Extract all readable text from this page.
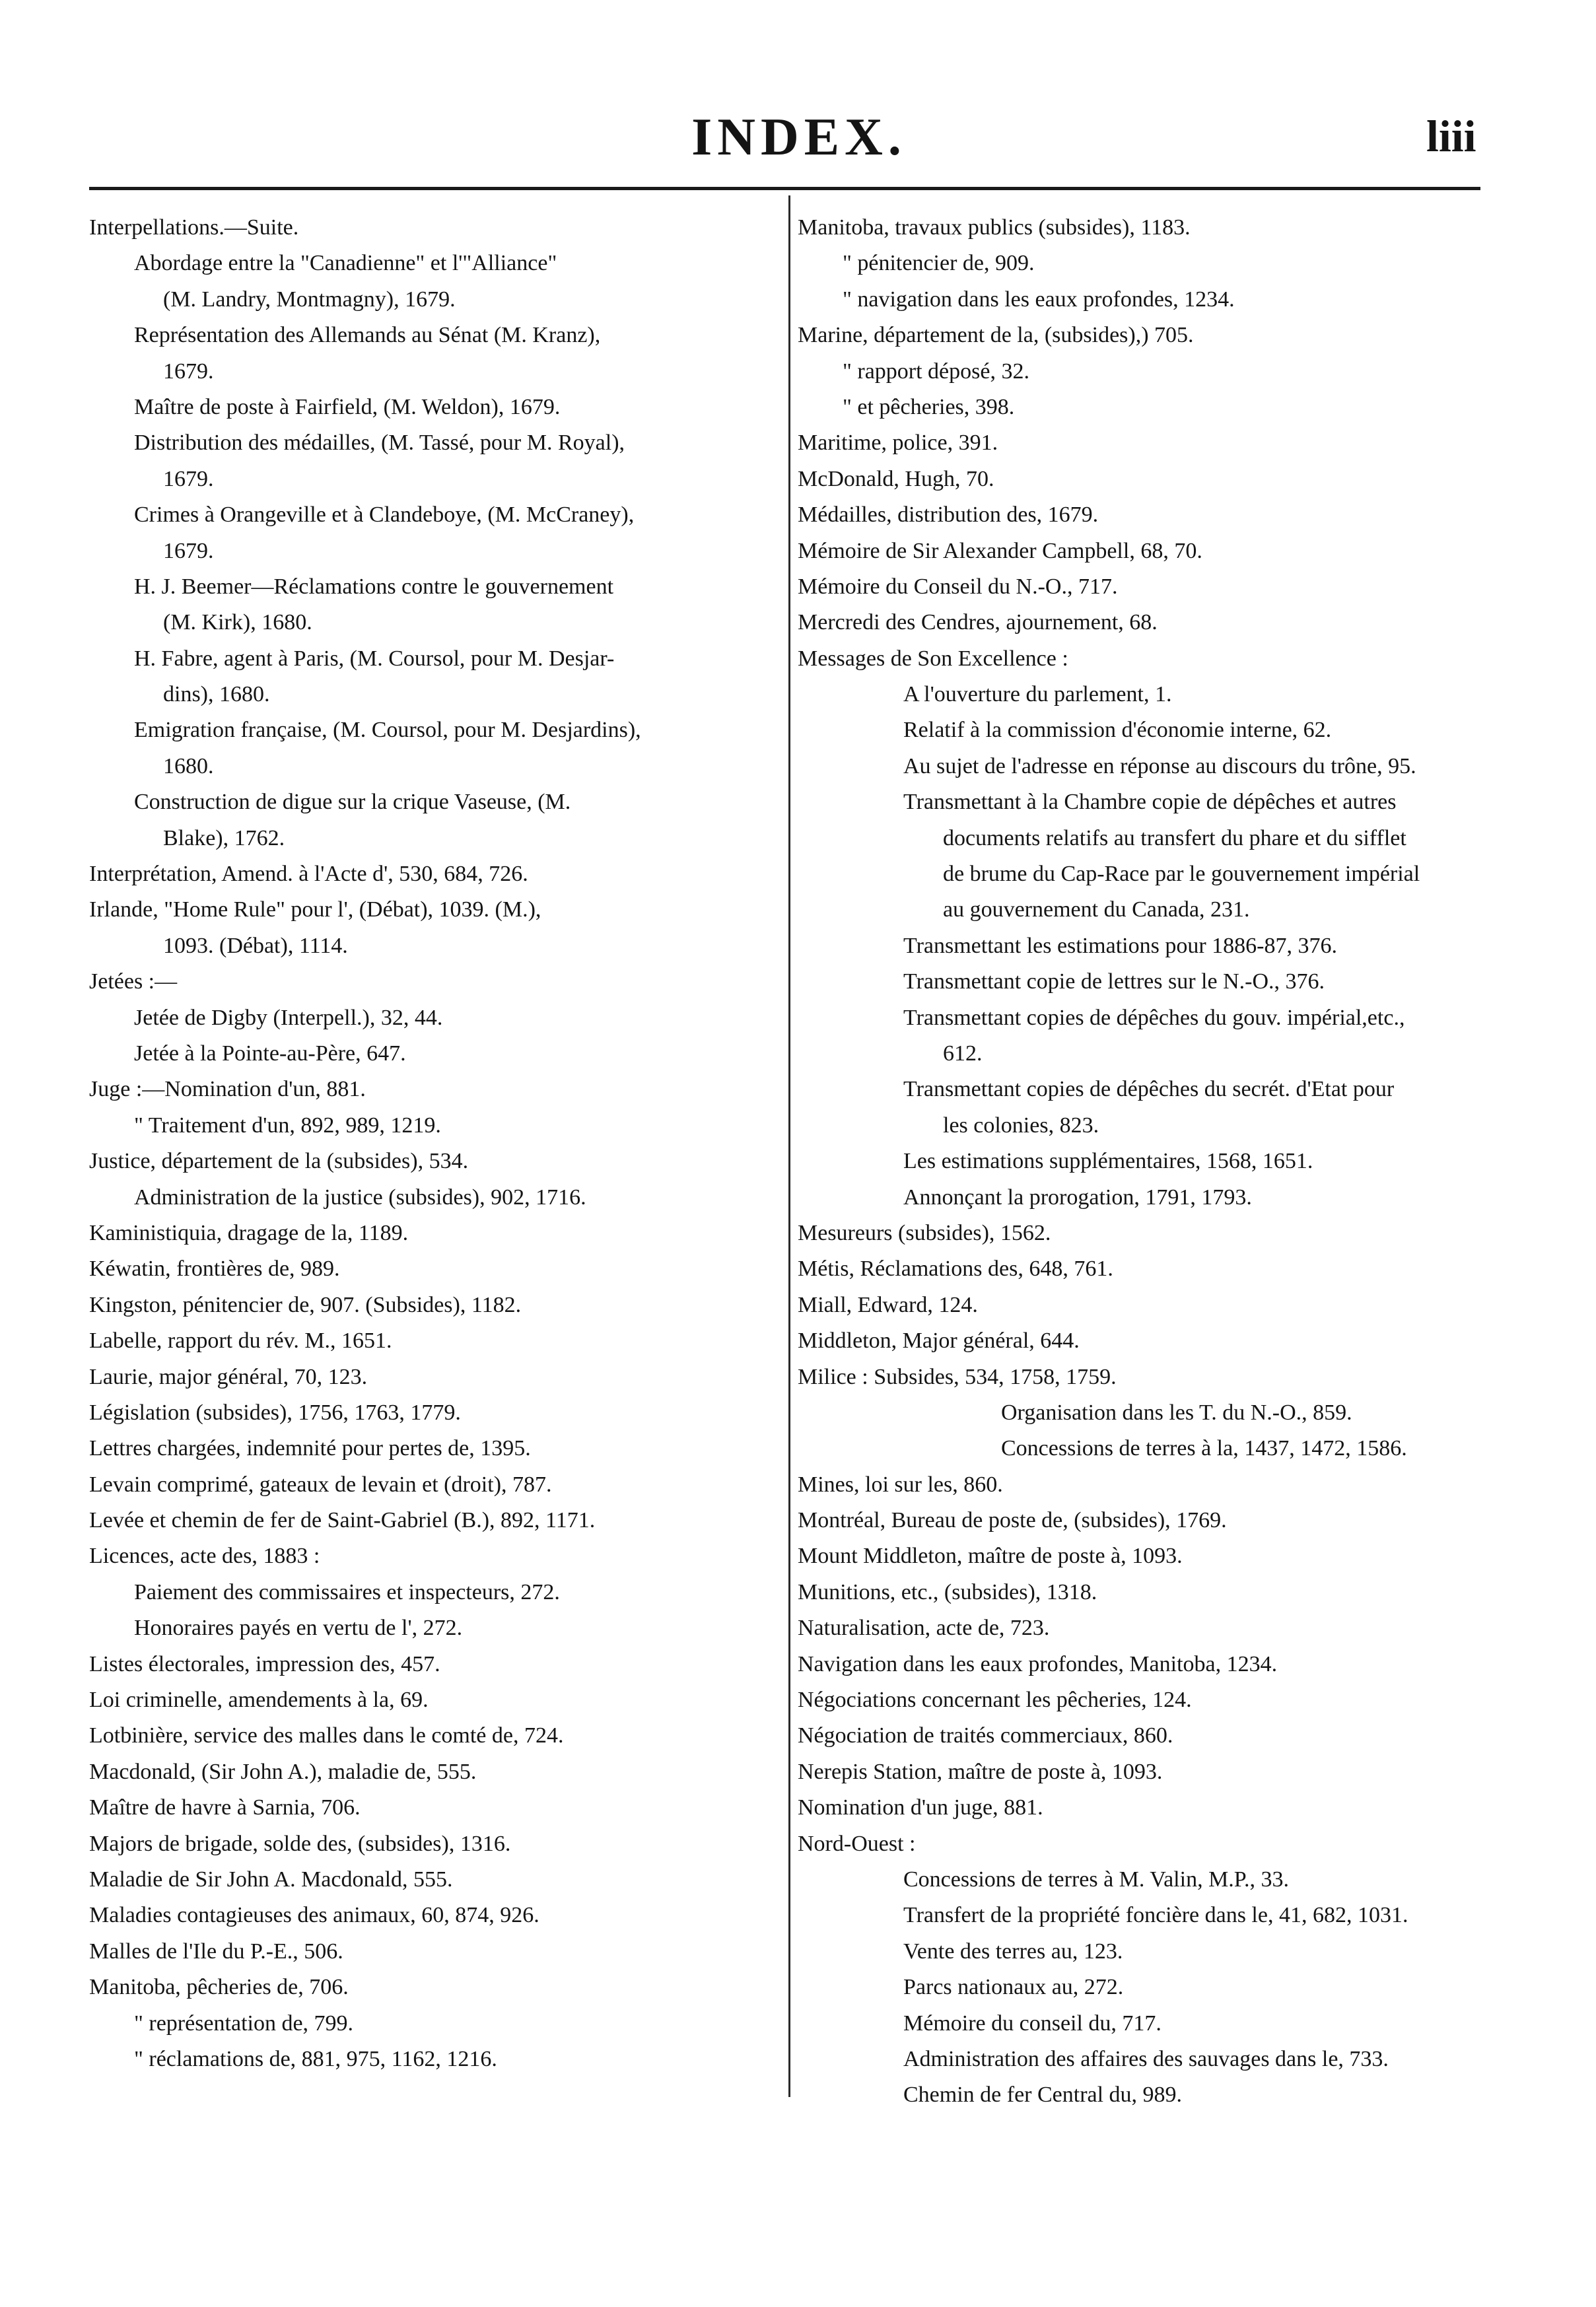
INDEX.	liii
Interpellations.—Suite.
Abordage entre la "Canadienne" et l'"Alliance"
(M. Landry, Montmagny), 1679.
Représentation des Allemands au Sénat (M. Kranz),
1679.
Maître de poste à Fairfield, (M. Weldon), 1679.
Distribution des médailles, (M. Tassé, pour M. Royal),
1679.
Crimes à Orangeville et à Clandeboye, (M. McCraney),
1679.
H. J. Beemer—Réclamations contre le gouvernement
(M. Kirk), 1680.
H. Fabre, agent à Paris, (M. Coursol, pour M. Desjar-
dins), 1680.
Emigration française, (M. Coursol, pour M. Desjardins),
1680.
Construction de digue sur la crique Vaseuse, (M.
Blake), 1762.
Interprétation, Amend. à l'Acte d', 530, 684, 726.
Irlande, "Home Rule" pour l', (Débat), 1039. (M.),
1093. (Débat), 1114.
Jetées :—
Jetée de Digby (Interpell.), 32, 44.
Jetée à la Pointe-au-Père, 647.
Juge :—Nomination d'un, 881.
" Traitement d'un, 892, 989, 1219.
Justice, département de la (subsides), 534.
Administration de la justice (subsides), 902, 1716.
Kaministiquia, dragage de la, 1189.
Kéwatin, frontières de, 989.
Kingston, pénitencier de, 907. (Subsides), 1182.
Labelle, rapport du rév. M., 1651.
Laurie, major général, 70, 123.
Législation (subsides), 1756, 1763, 1779.
Lettres chargées, indemnité pour pertes de, 1395.
Levain comprimé, gateaux de levain et (droit), 787.
Levée et chemin de fer de Saint-Gabriel (B.), 892, 1171.
Licences, acte des, 1883 :
Paiement des commissaires et inspecteurs, 272.
Honoraires payés en vertu de l', 272.
Listes électorales, impression des, 457.
Loi criminelle, amendements à la, 69.
Lotbinière, service des malles dans le comté de, 724.
Macdonald, (Sir John A.), maladie de, 555.
Maître de havre à Sarnia, 706.
Majors de brigade, solde des, (subsides), 1316.
Maladie de Sir John A. Macdonald, 555.
Maladies contagieuses des animaux, 60, 874, 926.
Malles de l'Ile du P.-E., 506.
Manitoba, pêcheries de, 706.
" représentation de, 799.
" réclamations de, 881, 975, 1162, 1216.
Manitoba, travaux publics (subsides), 1183.
" pénitencier de, 909.
" navigation dans les eaux profondes, 1234.
Marine, département de la, (subsides),) 705.
" rapport déposé, 32.
" et pêcheries, 398.
Maritime, police, 391.
McDonald, Hugh, 70.
Médailles, distribution des, 1679.
Mémoire de Sir Alexander Campbell, 68, 70.
Mémoire du Conseil du N.-O., 717.
Mercredi des Cendres, ajournement, 68.
Messages de Son Excellence :
A l'ouverture du parlement, 1.
Relatif à la commission d'économie interne, 62.
Au sujet de l'adresse en réponse au discours du trône, 95.
Transmettant à la Chambre copie de dépêches et autres
documents relatifs au transfert du phare et du sifflet
de brume du Cap-Race par le gouvernement impérial
au gouvernement du Canada, 231.
Transmettant les estimations pour 1886-87, 376.
Transmettant copie de lettres sur le N.-O., 376.
Transmettant copies de dépêches du gouv. impérial,etc.,
612.
Transmettant copies de dépêches du secrét. d'Etat pour
les colonies, 823.
Les estimations supplémentaires, 1568, 1651.
Annonçant la prorogation, 1791, 1793.
Mesureurs (subsides), 1562.
Métis, Réclamations des, 648, 761.
Miall, Edward, 124.
Middleton, Major général, 644.
Milice : Subsides, 534, 1758, 1759.
Organisation dans les T. du N.-O., 859.
Concessions de terres à la, 1437, 1472, 1586.
Mines, loi sur les, 860.
Montréal, Bureau de poste de, (subsides), 1769.
Mount Middleton, maître de poste à, 1093.
Munitions, etc., (subsides), 1318.
Naturalisation, acte de, 723.
Navigation dans les eaux profondes, Manitoba, 1234.
Négociations concernant les pêcheries, 124.
Négociation de traités commerciaux, 860.
Nerepis Station, maître de poste à, 1093.
Nomination d'un juge, 881.
Nord-Ouest :
Concessions de terres à M. Valin, M.P., 33.
Transfert de la propriété foncière dans le, 41, 682, 1031.
Vente des terres au, 123.
Parcs nationaux au, 272.
Mémoire du conseil du, 717.
Administration des affaires des sauvages dans le, 733.
Chemin de fer Central du, 989.
